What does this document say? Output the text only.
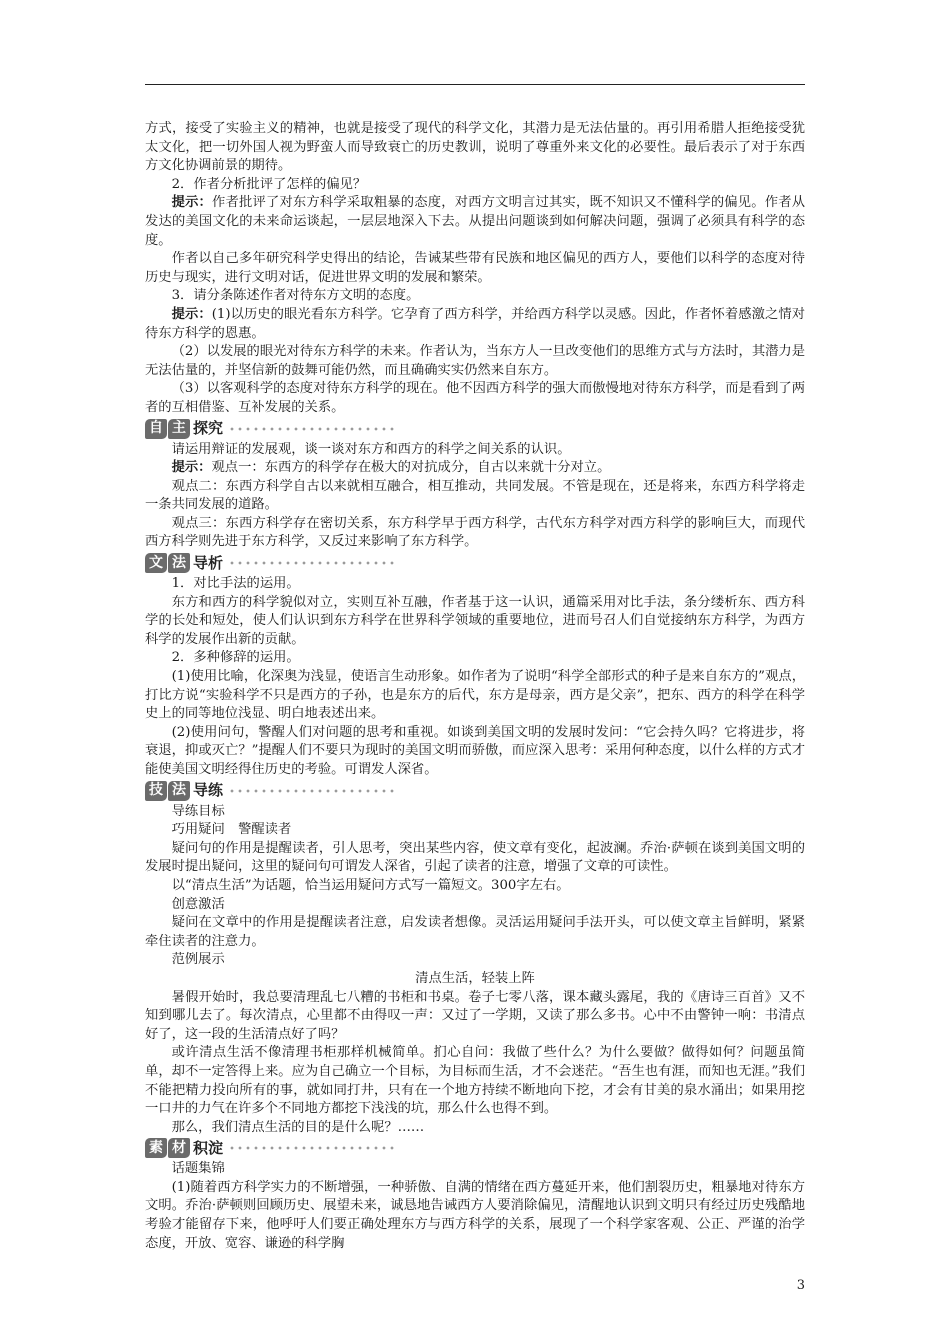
方式，接受了实验主义的精神，也就是接受了现代的科学文化，其潜力是无法估量的。再引用希腊人拒绝接受犹太文化，把一切外国人视为野蛮人而导致衰亡的历史教训，说明了尊重外来文化的必要性。最后表示了对于东西方文化协调前景的期待。

2．作者分析批评了怎样的偏见？

提示：作者批评了对东方科学采取粗暴的态度，对西方文明言过其实，既不知识又不懂科学的偏见。作者从发达的美国文化的未来命运谈起，一层层地深入下去。从提出问题谈到如何解决问题，强调了必须具有科学的态度。

作者以自己多年研究科学史得出的结论，告诫某些带有民族和地区偏见的西方人，要他们以科学的态度对待历史与现实，进行文明对话，促进世界文明的发展和繁荣。

3．请分条陈述作者对待东方文明的态度。

提示：(1)以历史的眼光看东方科学。它孕育了西方科学，并给西方科学以灵感。因此，作者怀着感激之情对待东方科学的恩惠。

（2）以发展的眼光对待东方科学的未来。作者认为，当东方人一旦改变他们的思维方式与方法时，其潜力是无法估量的，并坚信新的鼓舞可能仍然，而且确确实实仍然来自东方。

（3）以客观科学的态度对待东方科学的现在。他不因西方科学的强大而傲慢地对待东方科学，而是看到了两者的互相借鉴、互补发展的关系。

自 主 探究

请运用辩证的发展观，谈一谈对东方和西方的科学之间关系的认识。

提示：观点一：东西方的科学存在极大的对抗成分，自古以来就十分对立。

观点二：东西方科学自古以来就相互融合，相互推动，共同发展。不管是现在，还是将来，东西方科学将走一条共同发展的道路。

观点三：东西方科学存在密切关系，东方科学早于西方科学，古代东方科学对西方科学的影响巨大，而现代西方科学则先进于东方科学，又反过来影响了东方科学。

文 法 导析

1．对比手法的运用。

东方和西方的科学貌似对立，实则互补互融，作者基于这一认识，通篇采用对比手法，条分缕析东、西方科学的长处和短处，使人们认识到东方科学在世界科学领域的重要地位，进而号召人们自觉接纳东方科学，为西方科学的发展作出新的贡献。

2．多种修辞的运用。

(1)使用比喻，化深奥为浅显，使语言生动形象。如作者为了说明“科学全部形式的种子是来自东方的”观点，打比方说“实验科学不只是西方的子孙，也是东方的后代，东方是母亲，西方是父亲”，把东、西方的科学在科学史上的同等地位浅显、明白地表述出来。

(2)使用问句，警醒人们对问题的思考和重视。如谈到美国文明的发展时发问：“它会持久吗？它将进步，将衰退，抑或灭亡？”提醒人们不要只为现时的美国文明而骄傲，而应深入思考：采用何种态度，以什么样的方式才能使美国文明经得住历史的考验。可谓发人深省。

技 法 导练

导练目标

巧用疑问　警醒读者

疑问句的作用是提醒读者，引人思考，突出某些内容，使文章有变化，起波澜。乔治·萨顿在谈到美国文明的发展时提出疑问，这里的疑问句可谓发人深省，引起了读者的注意，增强了文章的可读性。

以“清点生活”为话题，恰当运用疑问方式写一篇短文。300字左右。

创意激活

疑问在文章中的作用是提醒读者注意，启发读者想像。灵活运用疑问手法开头，可以使文章主旨鲜明，紧紧牵住读者的注意力。

范例展示

清点生活，轻装上阵

暑假开始时，我总要清理乱七八糟的书柜和书桌。卷子七零八落，课本藏头露尾，我的《唐诗三百首》又不知到哪儿去了。每次清点，心里都不由得叹一声：又过了一学期，又读了那么多书。心中不由警钟一响：书清点好了，这一段的生活清点好了吗？

或许清点生活不像清理书柜那样机械简单。扪心自问：我做了些什么？为什么要做？做得如何？问题虽简单，却不一定答得上来。应为自己确立一个目标，为目标而生活，才不会迷茫。“吾生也有涯，而知也无涯。”我们不能把精力投向所有的事，就如同打井，只有在一个地方持续不断地向下挖，才会有甘美的泉水涌出；如果用挖一口井的力气在许多个不同地方都挖下浅浅的坑，那么什么也得不到。

那么，我们清点生活的目的是什么呢？……

素 材 积淀

话题集锦

(1)随着西方科学实力的不断增强，一种骄傲、自满的情绪在西方蔓延开来，他们割裂历史，粗暴地对待东方文明。乔治·萨顿则回顾历史、展望未来，诚恳地告诫西方人要消除偏见，清醒地认识到文明只有经过历史残酷地考验才能留存下来，他呼吁人们要正确处理东方与西方科学的关系，展现了一个科学家客观、公正、严谨的治学态度，开放、宽容、谦逊的科学胸

3
